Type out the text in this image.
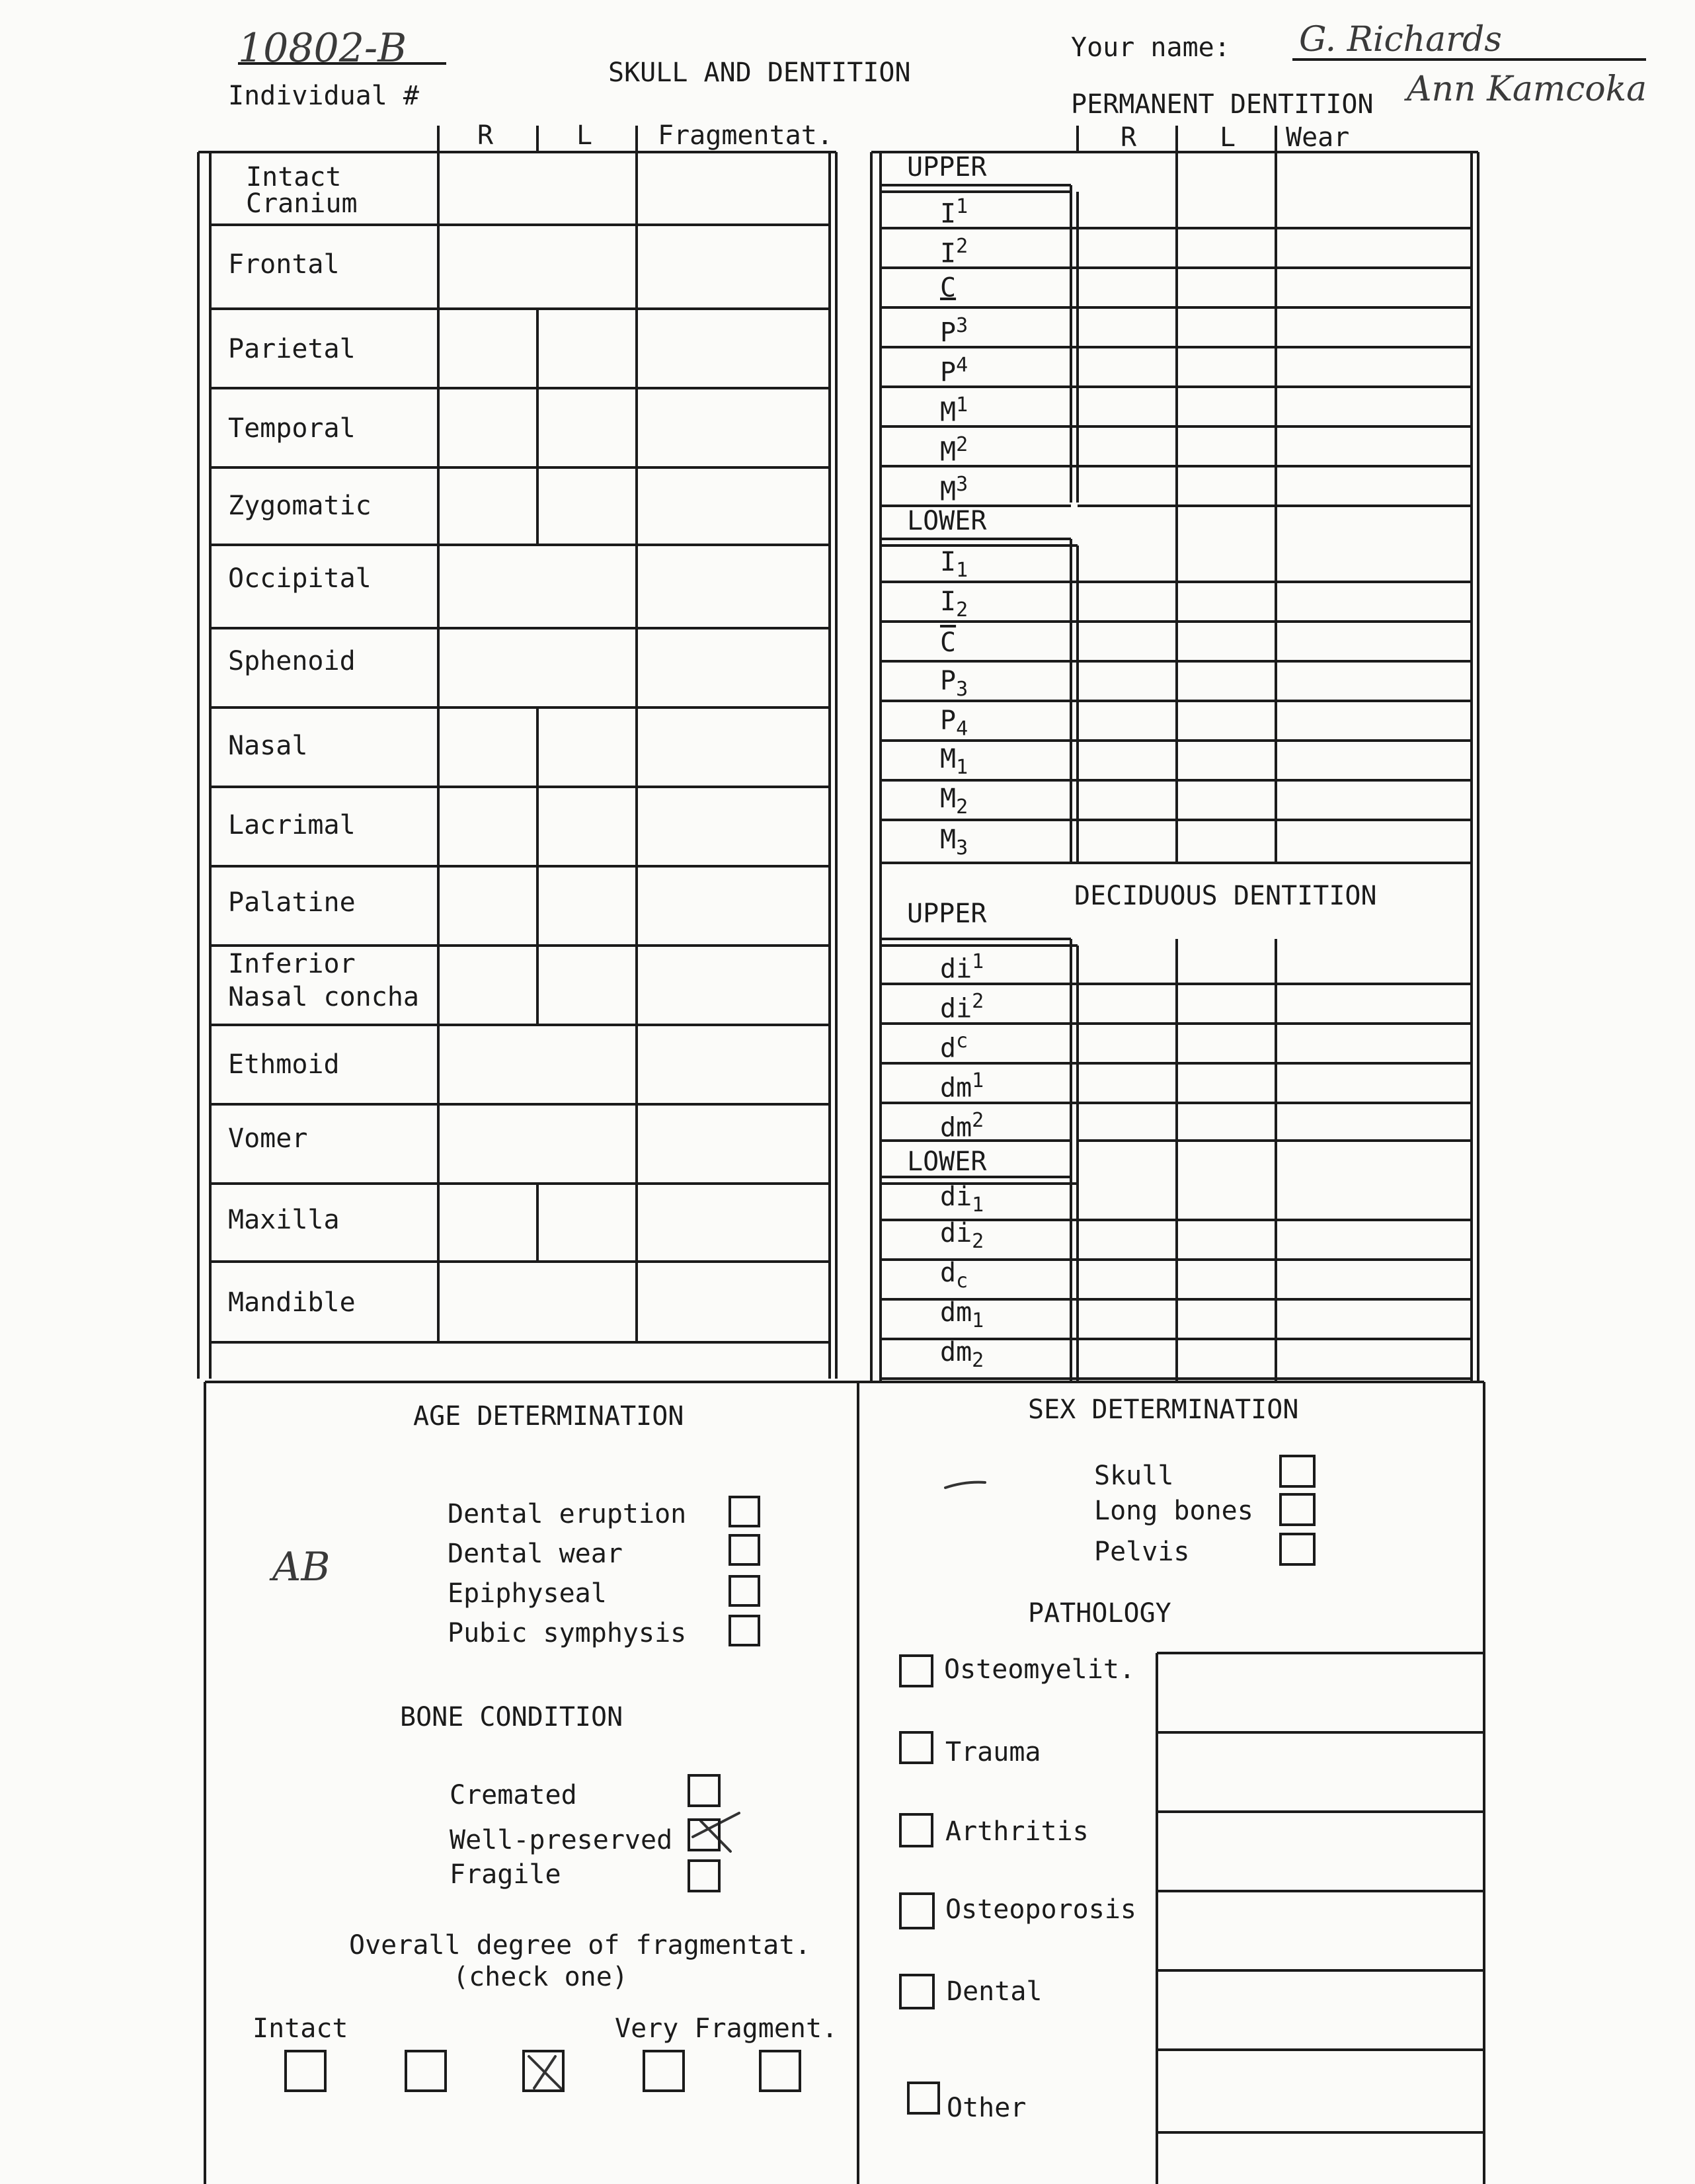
10802-B
Individual #
SKULL AND DENTITION
Your name: G. Richards
Ann Kamcoka
R	L Fragmentat.
Intact
Cranium
Frontal
Parietal
Temporal
Zygomatic
Occipital
Sphenoid
Nasal
Lacrimal
Palatine
Inferior
Nasal concha
Ethmoid
Vomer
Maxilla
Mandible
PERMANENT DENTITION
R	L Wear
UPPER
LOWER
$I^1$
$I^2$
C
$P^3$
$P^4$
$M^1$
$M^2$
$M^3$
$I_1$
$I_2$
C
$P_3$
$P_4$
$M_1$
$M_2$
$M_3$
DECIDUOUS DENTITION
UPPER
LOWER
$di^1$
$di^2$
$d^c$
$dm^1$
$dm^2$
$di_1$
$di_2$
$d_c$
$dm_1$
$dm_2$
AGE DETERMINATION
Dental eruption
Dental wear
Epiphyseal
Pubic symphysis
AB
BONE CONDITION
Cremated
Well-preserved
Fragile
Overall degree of fragmentat.
(check one)
Intact	Very Fragment.
SEX DETERMINATION
Skull
Long bones
Pelvis
PATHOLOGY
Osteomyelit.
Trauma
Arthritis
Osteoporosis
Dental
Other
